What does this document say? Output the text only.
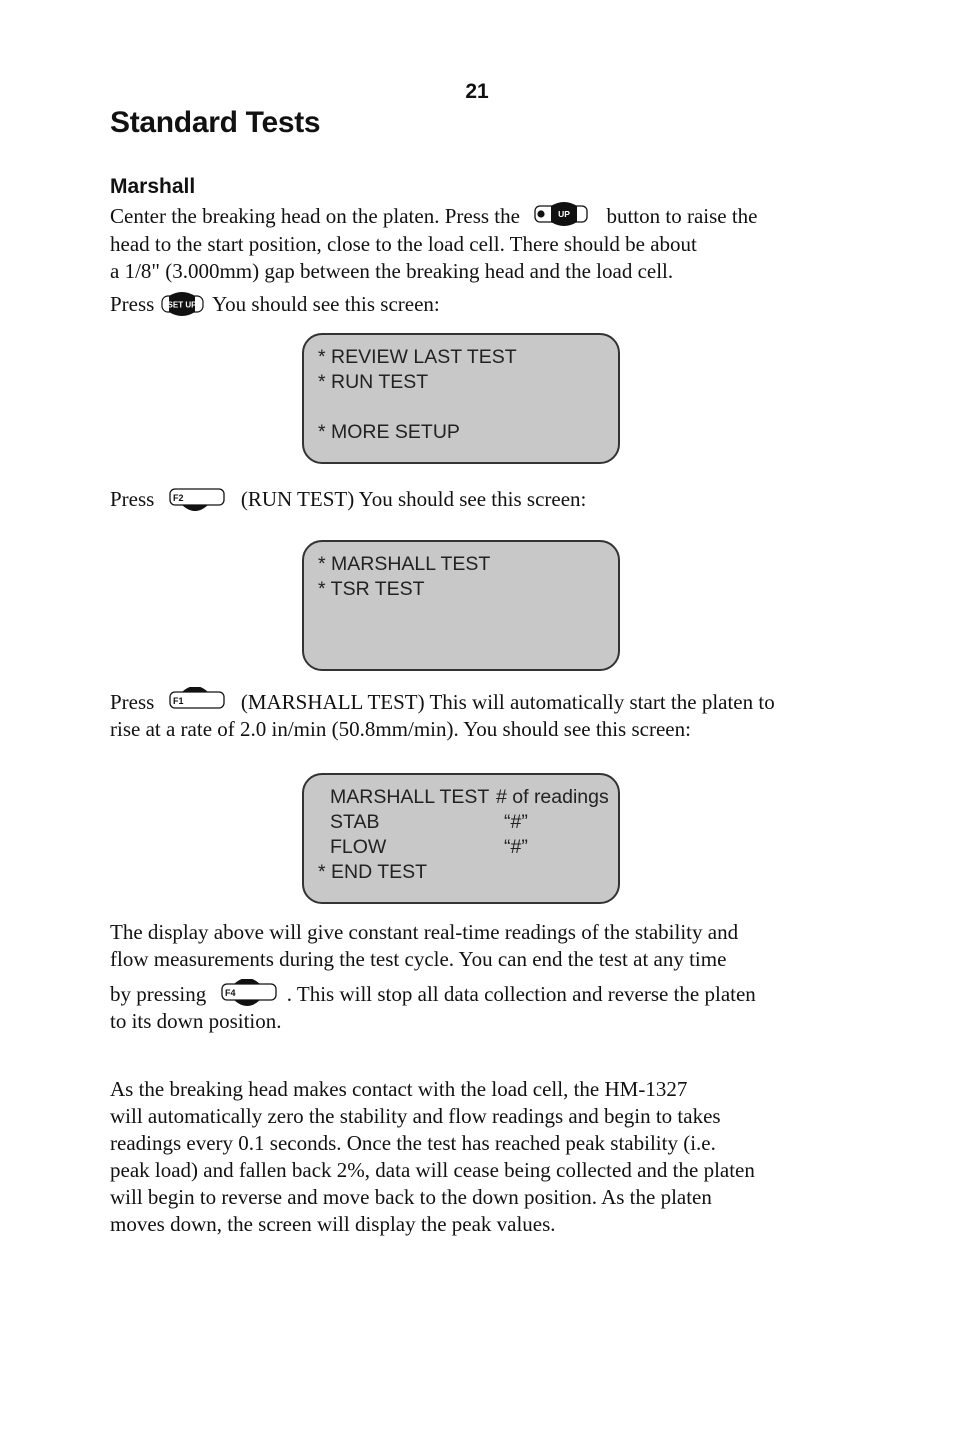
21
Standard Tests
Marshall
Center the breaking head on the platen. Press the	UP button to raise the
head to the start position, close to the load cell. There should be about
a 1/8" (3.000mm) gap between the breaking head and the load cell.
Press SET UP You should see this screen:
* REVIEW LAST TEST
* RUN TEST
* MORE SETUP
Press F2	(RUN TEST) You should see this screen:
* MARSHALL TEST
* TSR TEST
Press F1	(MARSHALL TEST) This will automatically start the platen to
rise at a rate of 2.0 in/min (50.8mm/min). You should see this screen:
MARSHALL TEST # of readings
STAB	“#”
FLOW	“#”
* END TEST
The display above will give constant real-time readings of the stability and
flow measurements during the test cycle. You can end the test at any time
by pressing F4 . This will stop all data collection and reverse the platen
to its down position.
As the breaking head makes contact with the load cell, the HM-1327
will automatically zero the stability and flow readings and begin to takes
readings every 0.1 seconds. Once the test has reached peak stability (i.e.
peak load) and fallen back 2%, data will cease being collected and the platen
will begin to reverse and move back to the down position. As the platen
moves down, the screen will display the peak values.
